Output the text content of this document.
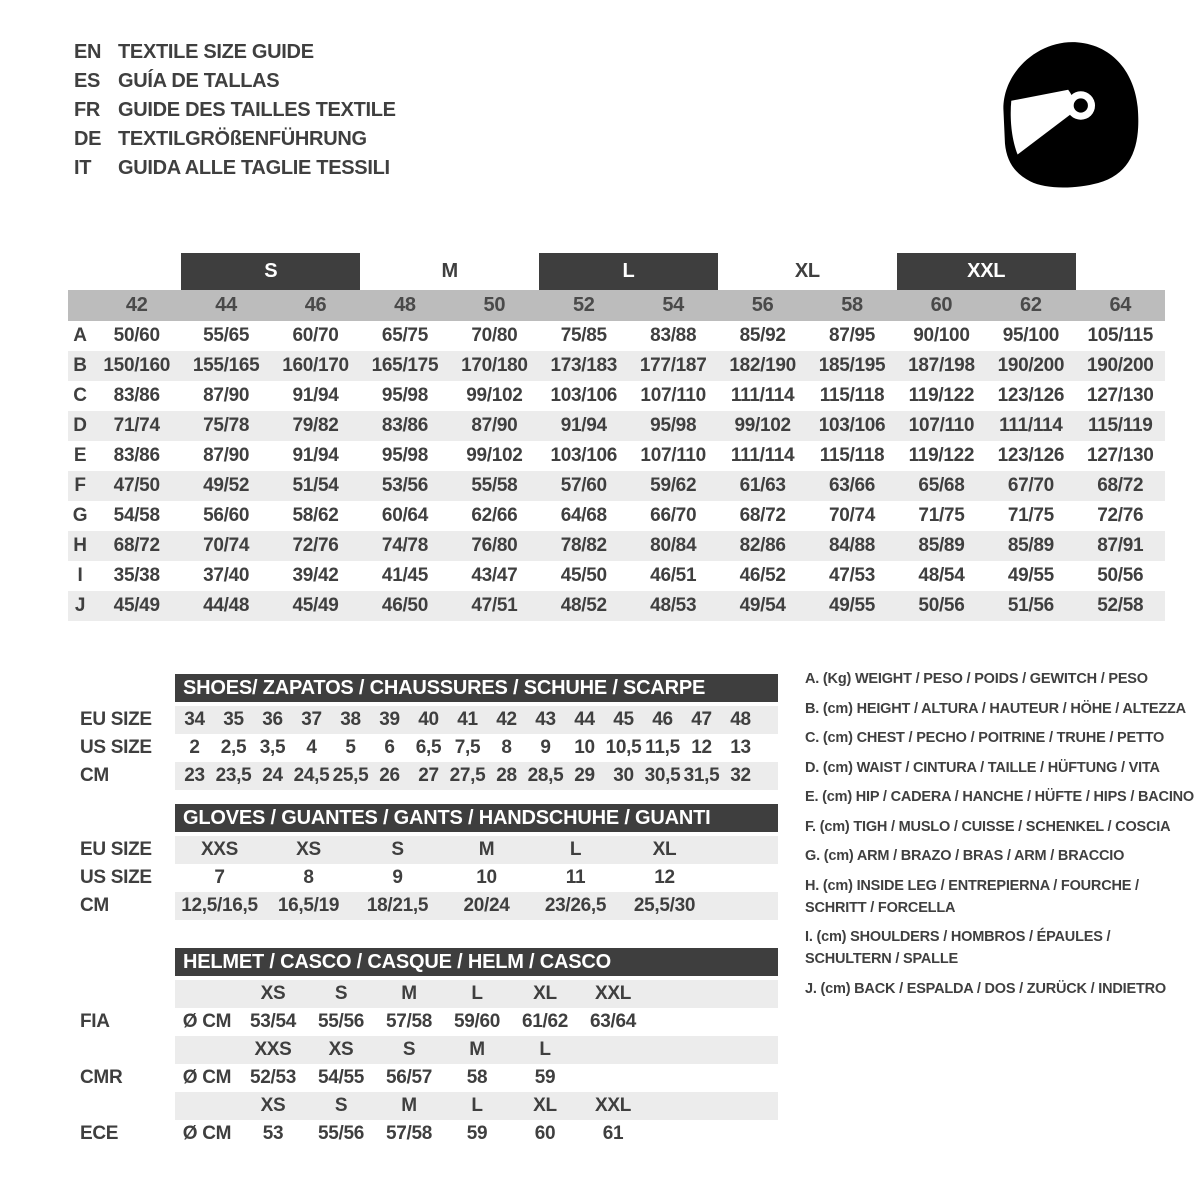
EN TEXTILE SIZE GUIDE
ES GUÍA DE TALLAS
FR GUIDE DES TAILLES TEXTILE
DE TEXTILGRÖßENFÜHRUNG
IT	GUIDA ALLE TAGLIE TESSILI
S	M	L	XL	XXL
42	44	46	48	50	52	54	56	58	60	62	64
A	50/60	55/65	60/70	65/75	70/80	75/85	83/88	85/92	87/95	90/100	95/100	105/115
B 150/160	155/165	160/170	165/175	170/180	173/183	177/187	182/190	185/195	187/198	190/200	190/200
C	83/86	87/90	91/94	95/98	99/102	103/106	107/110	111/114	115/118	119/122	123/126	127/130
D	71/74	75/78	79/82	83/86	87/90	91/94	95/98	99/102	103/106	107/110	111/114	115/119
E	83/86	87/90	91/94	95/98	99/102	103/106	107/110	111/114	115/118	119/122	123/126	127/130
F	47/50	49/52	51/54	53/56	55/58	57/60	59/62	61/63	63/66	65/68	67/70	68/72
G	54/58	56/60	58/62	60/64	62/66	64/68	66/70	68/72	70/74	71/75	71/75	72/76
H	68/72	70/74	72/76	74/78	76/80	78/82	80/84	82/86	84/88	85/89	85/89	87/91
I	35/38	37/40	39/42	41/45	43/47	45/50	46/51	46/52	47/53	48/54	49/55	50/56
J	45/49	44/48	45/49	46/50	47/51	48/52	48/53	49/54	49/55	50/56	51/56	52/58
SHOES/ ZAPATOS / CHAUSSURES / SCHUHE / SCARPE
EU SIZE	34 35 36 37 38 39 40 41 42 43 44 45 46 47 48
US SIZE	2	2,5 3,5	4	5	6	6,5 7,5	8	9	10 10,5 11,5 12 13
CM	23 23,5 24 24,5 25,5 26 27 27,5 28 28,5 29 30 30,5 31,5 32
GLOVES / GUANTES / GANTS / HANDSCHUHE / GUANTI
EU SIZE	XXS	XS	S	M	L	XL
US SIZE	7	8	9	10	11	12
CM	12,5/16,5	16,5/19	18/21,5	20/24	23/26,5	25,5/30
HELMET / CASCO / CASQUE / HELM / CASCO
XS	S	M	L	XL	XXL
FIA	Ø CM 53/54	55/56	57/58	59/60	61/62	63/64
XXS	XS	S	M	L
CMR	Ø CM 52/53	54/55	56/57	58	59
XS	S	M	L	XL	XXL
ECE	Ø CM	53	55/56	57/58	59	60	61
A. (Kg) WEIGHT / PESO / POIDS / GEWITCH / PESO
B. (cm) HEIGHT / ALTURA / HAUTEUR / HÖHE / ALTEZZA
C. (cm) CHEST / PECHO / POITRINE / TRUHE / PETTO
D. (cm) WAIST / CINTURA / TAILLE / HÜFTUNG / VITA
E. (cm) HIP / CADERA / HANCHE / HÜFTE / HIPS / BACINO
F. (cm) TIGH / MUSLO / CUISSE / SCHENKEL / COSCIA
G. (cm) ARM / BRAZO / BRAS / ARM / BRACCIO
H. (cm) INSIDE LEG / ENTREPIERNA / FOURCHE /
SCHRITT / FORCELLA
I. (cm) SHOULDERS / HOMBROS / ÉPAULES /
SCHULTERN / SPALLE
J. (cm) BACK / ESPALDA / DOS / ZURÜCK / INDIETRO
